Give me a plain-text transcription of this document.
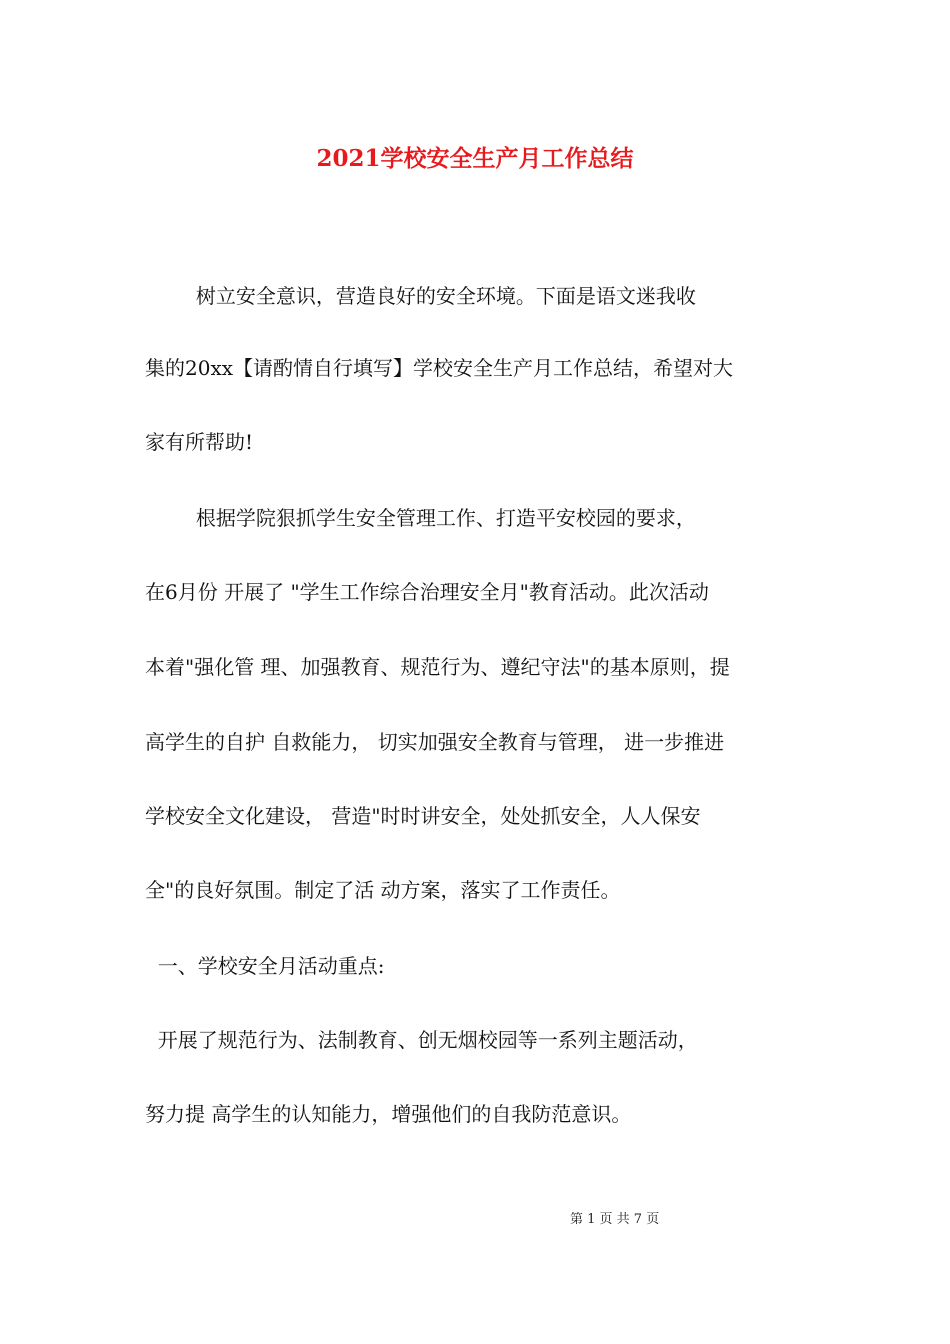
2021学校安全生产月工作总结
树立安全意识，营造良好的安全环境。下面是语文迷我收
集的20xx【请酌情自行填写】学校安全生产月工作总结，希望对大
家有所帮助!
根据学院狠抓学生安全管理工作、打造平安校园的要求，
在6月份 开展了 "学生工作综合治理安全月"教育活动。此次活动
本着"强化管 理、加强教育、规范行为、遵纪守法"的基本原则，提
高学生的自护 自救能力， 切实加强安全教育与管理， 进一步推进
学校安全文化建设， 营造"时时讲安全，处处抓安全，人人保安
全"的良好氛围。制定了活 动方案，落实了工作责任。
一、学校安全月活动重点:
开展了规范行为、法制教育、创无烟校园等一系列主题活动，
努力提 高学生的认知能力，增强他们的自我防范意识。
第 1 页 共 7 页
